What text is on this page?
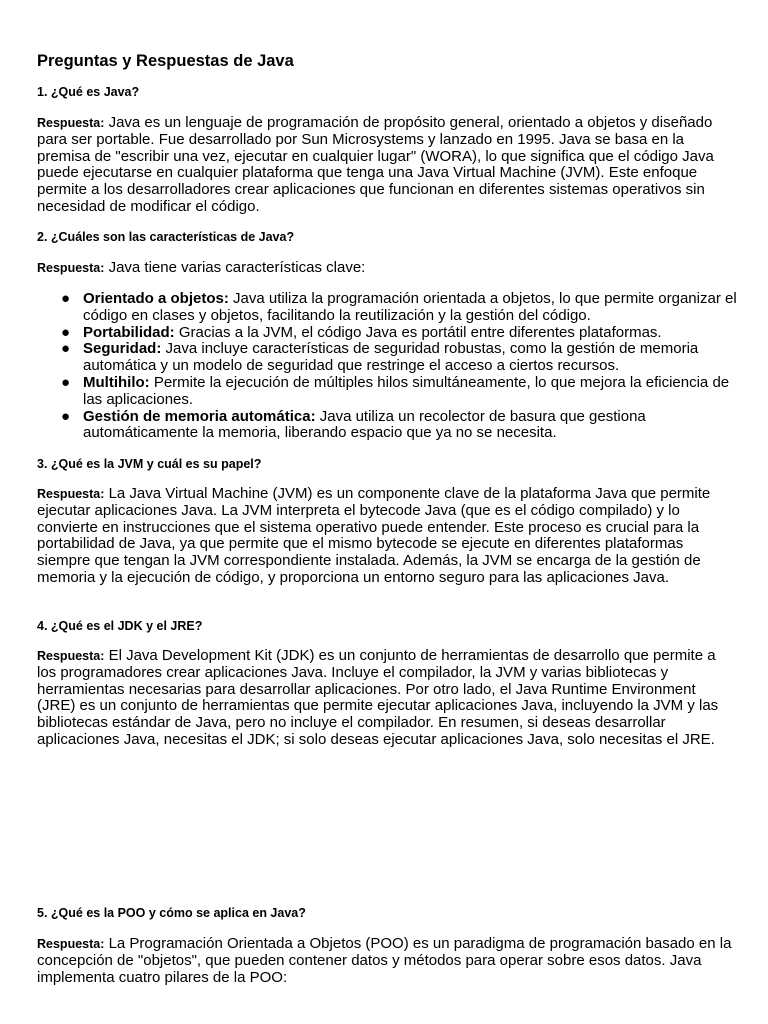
Preguntas y Respuestas de Java
1. ¿Qué es Java?

Respuesta: Java es un lenguaje de programación de propósito general, orientado a objetos y diseñado para ser portable. Fue desarrollado por Sun Microsystems y lanzado en 1995. Java se basa en la premisa de "escribir una vez, ejecutar en cualquier lugar" (WORA), lo que significa que el código Java puede ejecutarse en cualquier plataforma que tenga una Java Virtual Machine (JVM). Este enfoque permite a los desarrolladores crear aplicaciones que funcionan en diferentes sistemas operativos sin necesidad de modificar el código.

2. ¿Cuáles son las características de Java?

Respuesta: Java tiene varias características clave:

● Orientado a objetos: Java utiliza la programación orientada a objetos, lo que permite organizar el código en clases y objetos, facilitando la reutilización y la gestión del código.
● Portabilidad: Gracias a la JVM, el código Java es portátil entre diferentes plataformas.
● Seguridad: Java incluye características de seguridad robustas, como la gestión de memoria automática y un modelo de seguridad que restringe el acceso a ciertos recursos.
● Multihilo: Permite la ejecución de múltiples hilos simultáneamente, lo que mejora la eficiencia de las aplicaciones.
● Gestión de memoria automática: Java utiliza un recolector de basura que gestiona automáticamente la memoria, liberando espacio que ya no se necesita.
3. ¿Qué es la JVM y cuál es su papel?

Respuesta: La Java Virtual Machine (JVM) es un componente clave de la plataforma Java que permite ejecutar aplicaciones Java. La JVM interpreta el bytecode Java (que es el código compilado) y lo convierte en instrucciones que el sistema operativo puede entender. Este proceso es crucial para la portabilidad de Java, ya que permite que el mismo bytecode se ejecute en diferentes plataformas siempre que tengan la JVM correspondiente instalada. Además, la JVM se encarga de la gestión de memoria y la ejecución de código, y proporciona un entorno seguro para las aplicaciones Java.

4. ¿Qué es el JDK y el JRE?

Respuesta: El Java Development Kit (JDK) es un conjunto de herramientas de desarrollo que permite a los programadores crear aplicaciones Java. Incluye el compilador, la JVM y varias bibliotecas y herramientas necesarias para desarrollar aplicaciones. Por otro lado, el Java Runtime Environment (JRE) es un conjunto de herramientas que permite ejecutar aplicaciones Java, incluyendo la JVM y las bibliotecas estándar de Java, pero no incluye el compilador. En resumen, si deseas desarrollar aplicaciones Java, necesitas el JDK; si solo deseas ejecutar aplicaciones Java, solo necesitas el JRE.

5. ¿Qué es la POO y cómo se aplica en Java?

Respuesta: La Programación Orientada a Objetos (POO) es un paradigma de programación basado en la concepción de "objetos", que pueden contener datos y métodos para operar sobre esos datos. Java implementa cuatro pilares de la POO:
